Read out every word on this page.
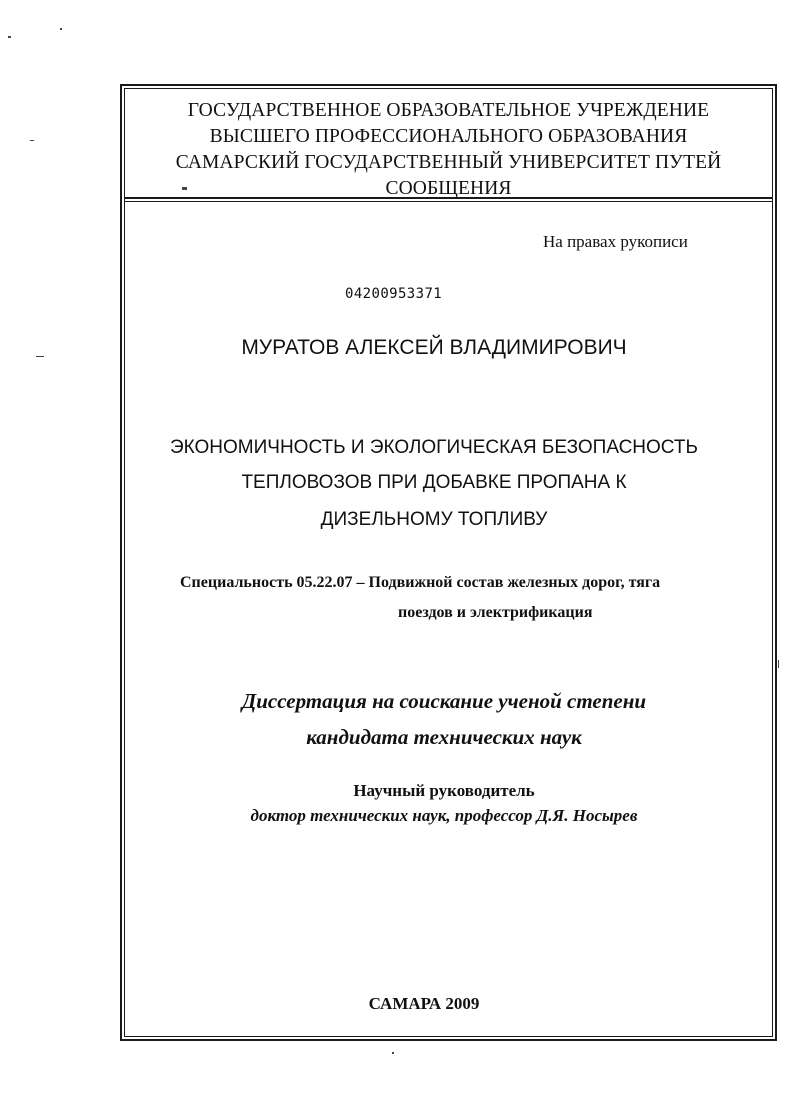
ГОСУДАРСТВЕННОЕ ОБРАЗОВАТЕЛЬНОЕ УЧРЕЖДЕНИЕ
ВЫСШЕГО ПРОФЕССИОНАЛЬНОГО ОБРАЗОВАНИЯ
САМАРСКИЙ ГОСУДАРСТВЕННЫЙ УНИВЕРСИТЕТ ПУТЕЙ
СООБЩЕНИЯ
На правах рукописи
04200953371
МУРАТОВ АЛЕКСЕЙ ВЛАДИМИРОВИЧ
ЭКОНОМИЧНОСТЬ И ЭКОЛОГИЧЕСКАЯ БЕЗОПАСНОСТЬ
ТЕПЛОВОЗОВ ПРИ ДОБАВКЕ ПРОПАНА К
ДИЗЕЛЬНОМУ ТОПЛИВУ
Специальность 05.22.07 – Подвижной состав железных дорог, тяга
поездов и электрификация
Диссертация на соискание ученой степени
кандидата технических наук
Научный руководитель
доктор технических наук, профессор Д.Я. Носырев
САМАРА 2009
